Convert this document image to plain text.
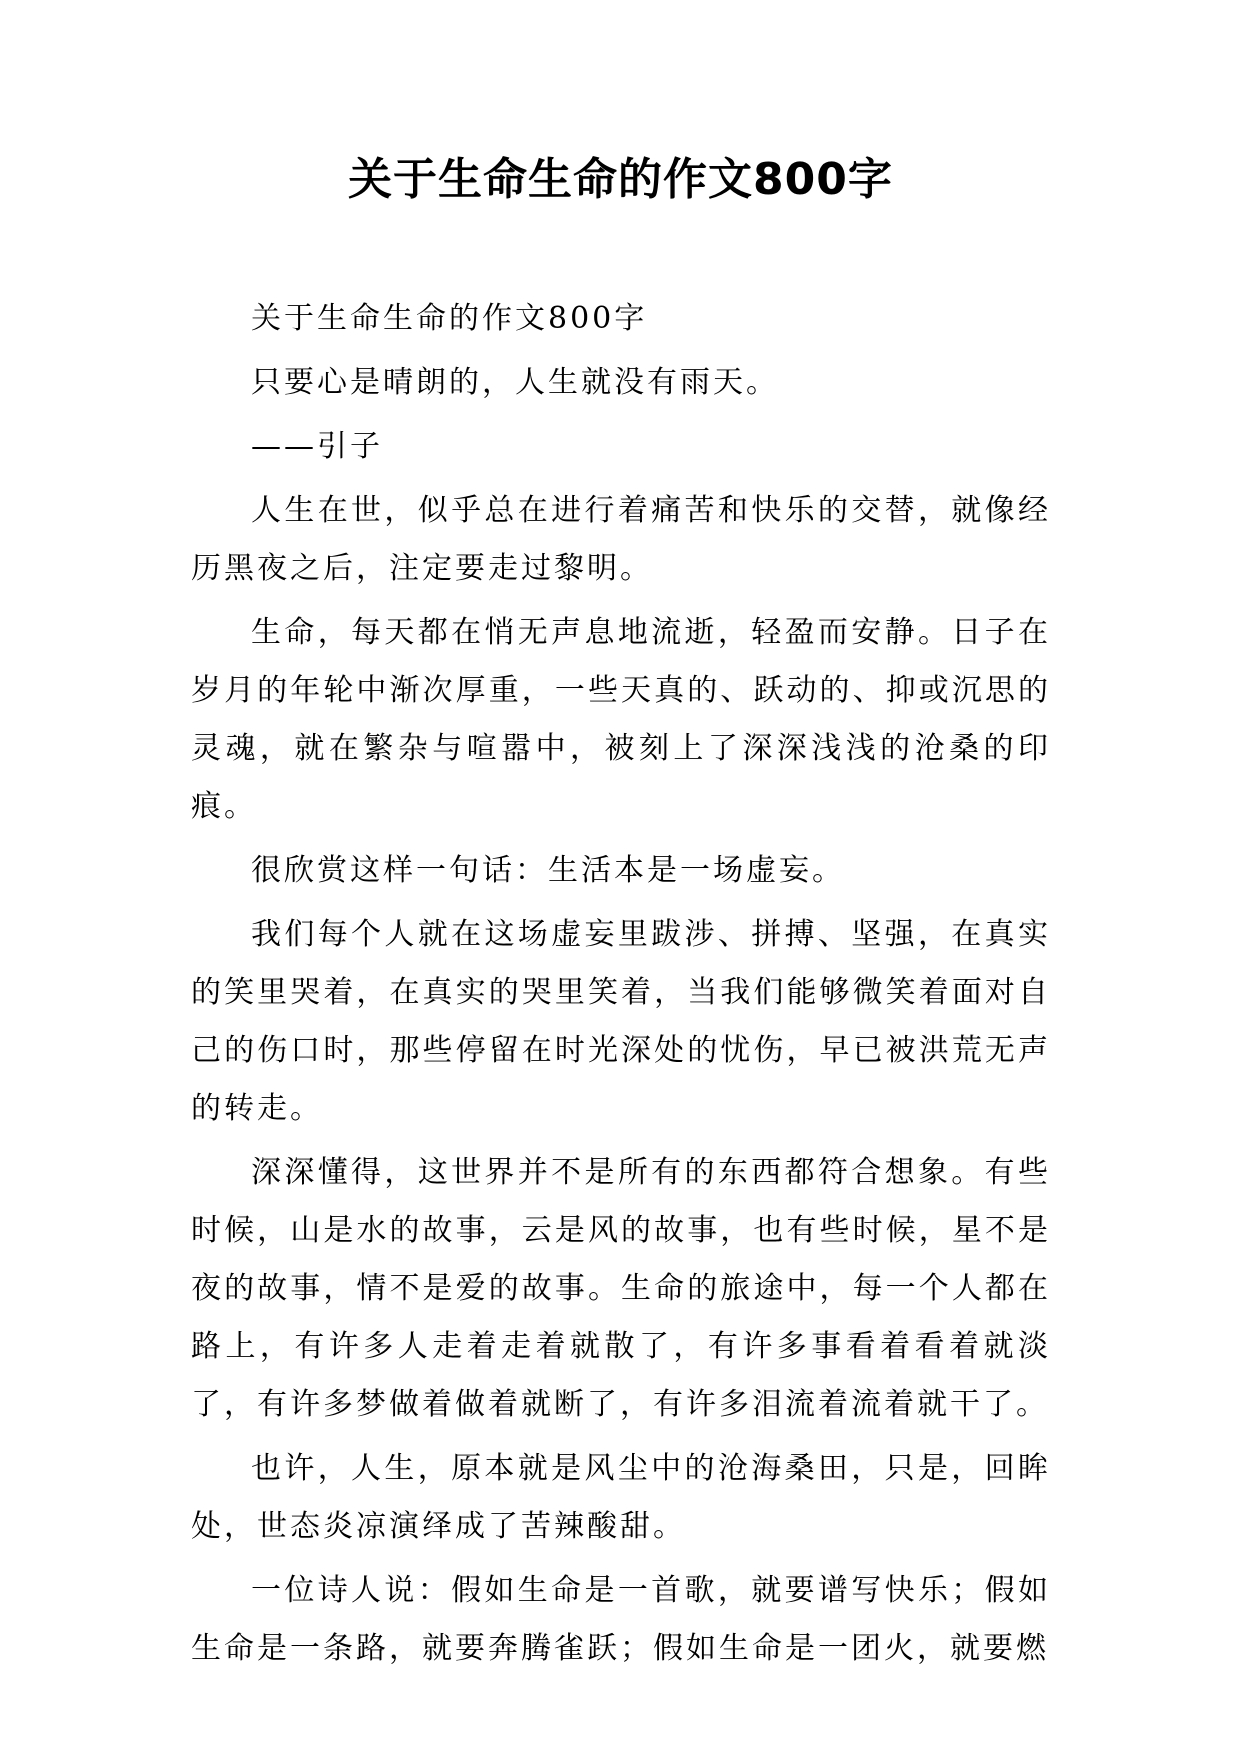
关于生命生命的作文800字

关于生命生命的作文800字

只要心是晴朗的，人生就没有雨天。

——引子

人生在世，似乎总在进行着痛苦和快乐的交替，就像经历黑夜之后，注定要走过黎明。

生命，每天都在悄无声息地流逝，轻盈而安静。日子在岁月的年轮中渐次厚重，一些天真的、跃动的、抑或沉思的灵魂，就在繁杂与喧嚣中，被刻上了深深浅浅的沧桑的印痕。

很欣赏这样一句话：生活本是一场虚妄。

我们每个人就在这场虚妄里跋涉、拼搏、坚强，在真实的笑里哭着，在真实的哭里笑着，当我们能够微笑着面对自己的伤口时，那些停留在时光深处的忧伤，早已被洪荒无声的转走。

深深懂得，这世界并不是所有的东西都符合想象。有些时候，山是水的故事，云是风的故事，也有些时候，星不是夜的故事，情不是爱的故事。生命的旅途中，每一个人都在路上，有许多人走着走着就散了，有许多事看着看着就淡了，有许多梦做着做着就断了，有许多泪流着流着就干了。

也许，人生，原本就是风尘中的沧海桑田，只是，回眸处，世态炎凉演绎成了苦辣酸甜。

一位诗人说：假如生命是一首歌，就要谱写快乐；假如生命是一条路，就要奔腾雀跃；假如生命是一团火，就要燃
